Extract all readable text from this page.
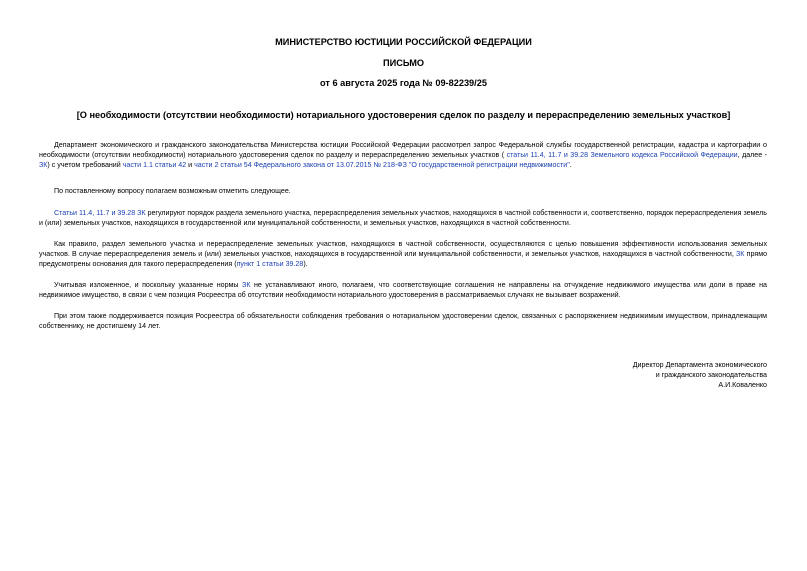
МИНИСТЕРСТВО ЮСТИЦИИ РОССИЙСКОЙ ФЕДЕРАЦИИ
ПИСЬМО
от 6 августа 2025 года № 09-82239/25
[О необходимости (отсутствии необходимости) нотариального удостоверения сделок по разделу и перераспределению земельных участков]

Департамент экономического и гражданского законодательства Министерства юстиции Российской Федерации рассмотрел запрос Федеральной службы государственной регистрации, кадастра и картографии о необходимости (отсутствии необходимости) нотариального удостоверения сделок по разделу и перераспределению земельных участков ( статьи 11.4, 11.7 и 39.28 Земельного кодекса Российской Федерации, далее - ЗК) с учетом требований части 1.1 статьи 42 и части 2 статьи 54 Федерального закона от 13.07.2015 № 218-ФЗ "О государственной регистрации недвижимости".

По поставленному вопросу полагаем возможным отметить следующее.

Статьи 11.4, 11.7 и 39.28 ЗК регулируют порядок раздела земельного участка, перераспределения земельных участков, находящихся в частной собственности и, соответственно, порядок перераспределения земель и (или) земельных участков, находящихся в государственной или муниципальной собственности, и земельных участков, находящихся в частной собственности.

Как правило, раздел земельного участка и перераспределение земельных участков, находящихся в частной собственности, осуществляются с целью повышения эффективности использования земельных участков. В случае перераспределения земель и (или) земельных участков, находящихся в государственной или муниципальной собственности, и земельных участков, находящихся в частной собственности, ЗК прямо предусмотрены основания для такого перераспределения (пункт 1 статьи 39.28).

Учитывая изложенное, и поскольку указанные нормы ЗК не устанавливают иного, полагаем, что соответствующие соглашения не направлены на отчуждение недвижимого имущества или доли в праве на недвижимое имущество, в связи с чем позиция Росреестра об отсутствии необходимости нотариального удостоверения в рассматриваемых случаях не вызывает возражений.

При этом также поддерживается позиция Росреестра об обязательности соблюдения требования о нотариальном удостоверении сделок, связанных с распоряжением недвижимым имуществом, принадлежащим собственнику, не достигшему 14 лет.

Директор Департамента экономического
и гражданского законодательства
А.И.Коваленко
